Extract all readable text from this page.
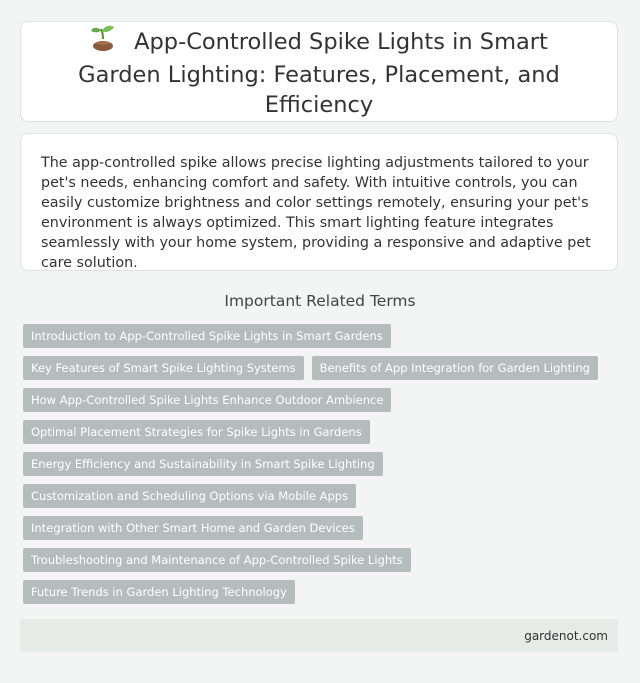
App-Controlled Spike Lights in Smart Garden Lighting: Features, Placement, and Efficiency

The app-controlled spike allows precise lighting adjustments tailored to your pet's needs, enhancing comfort and safety. With intuitive controls, you can easily customize brightness and color settings remotely, ensuring your pet's environment is always optimized. This smart lighting feature integrates seamlessly with your home system, providing a responsive and adaptive pet care solution.

Important Related Terms
Introduction to App-Controlled Spike Lights in Smart Gardens
Key Features of Smart Spike Lighting Systems	Benefits of App Integration for Garden Lighting
How App-Controlled Spike Lights Enhance Outdoor Ambience
Optimal Placement Strategies for Spike Lights in Gardens
Energy Efficiency and Sustainability in Smart Spike Lighting
Customization and Scheduling Options via Mobile Apps
Integration with Other Smart Home and Garden Devices
Troubleshooting and Maintenance of App-Controlled Spike Lights
Future Trends in Garden Lighting Technology
gardenot.com
